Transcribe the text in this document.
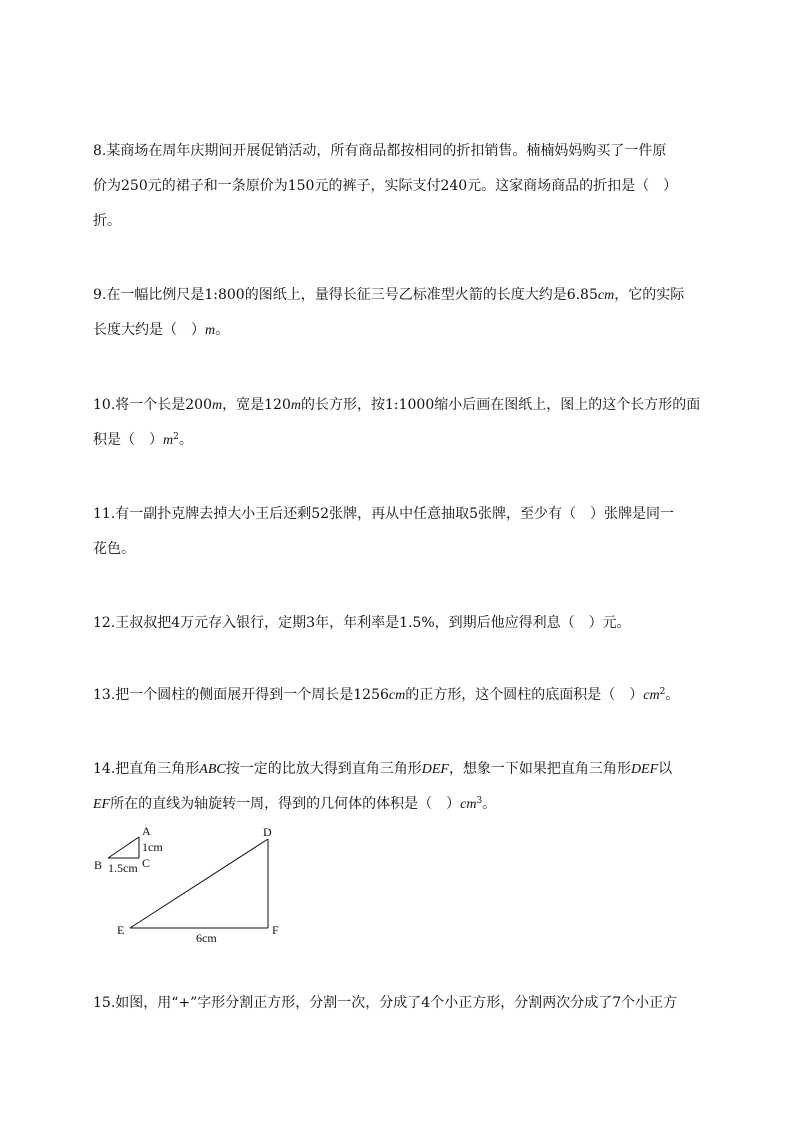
8.某商场在周年庆期间开展促销活动，所有商品都按相同的折扣销售。楠楠妈妈购买了一件原
价为250元的裙子和一条原价为150元的裤子，实际支付240元。这家商场商品的折扣是（　）
折。
9.在一幅比例尺是1:800的图纸上，量得长征三号乙标准型火箭的长度大约是6.85cm，它的实际
长度大约是（　）m。
10.将一个长是200m，宽是120m的长方形，按1:1000缩小后画在图纸上，图上的这个长方形的面
积是（　）$m^2$。
11.有一副扑克牌去掉大小王后还剩52张牌，再从中任意抽取5张牌，至少有（　）张牌是同一
花色。
12.王叔叔把4万元存入银行，定期3年，年利率是1.5%，到期后他应得利息（　）元。
13.把一个圆柱的侧面展开得到一个周长是1256cm的正方形，这个圆柱的底面积是（　）$cm^2$。
14.把直角三角形ABC按一定的比放大得到直角三角形DEF，想象一下如果把直角三角形DEF以
EF所在的直线为轴旋转一周，得到的几何体的体积是（　）$cm^3$。
A
B	C
1cm
1.5cm
D
E	F
6cm
15.如图，用“+”字形分割正方形，分割一次，分成了4个小正方形，分割两次分成了7个小正方
